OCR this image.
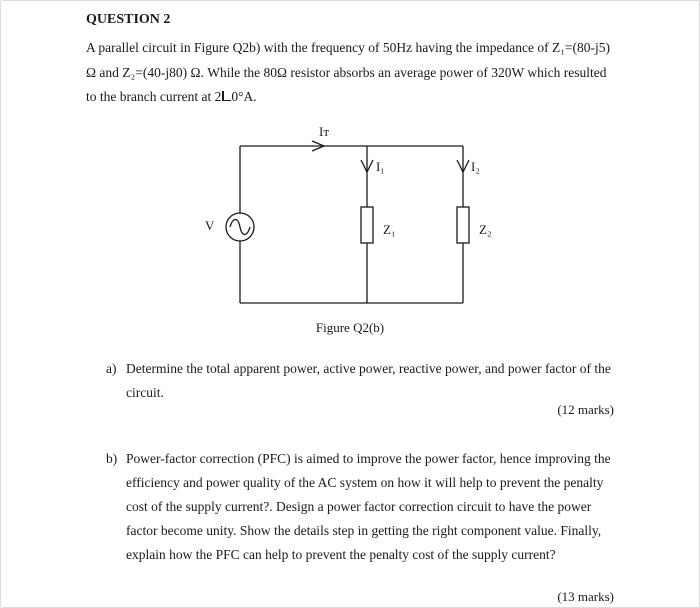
QUESTION 2

A parallel circuit in Figure Q2b) with the frequency of 50Hz having the impedance of Z₁=(80-j5)

Ω and Z₂=(40-j80) Ω. While the 80Ω resistor absorbs an average power of 320W which resulted

to the branch current at 2 0°A.

Iᴛ
I₁	I₂
V	Z₁	Z₂
Figure Q2(b)
a) Determine the total apparent power, active power, reactive power, and power factor of the circuit.
(12 marks)
b) Power-factor correction (PFC) is aimed to improve the power factor, hence improving the efficiency and power quality of the AC system on how it will help to prevent the penalty cost of the supply current?. Design a power factor correction circuit to have the power factor become unity. Show the details step in getting the right component value. Finally, explain how the PFC can help to prevent the penalty cost of the supply current?
(13 marks)
